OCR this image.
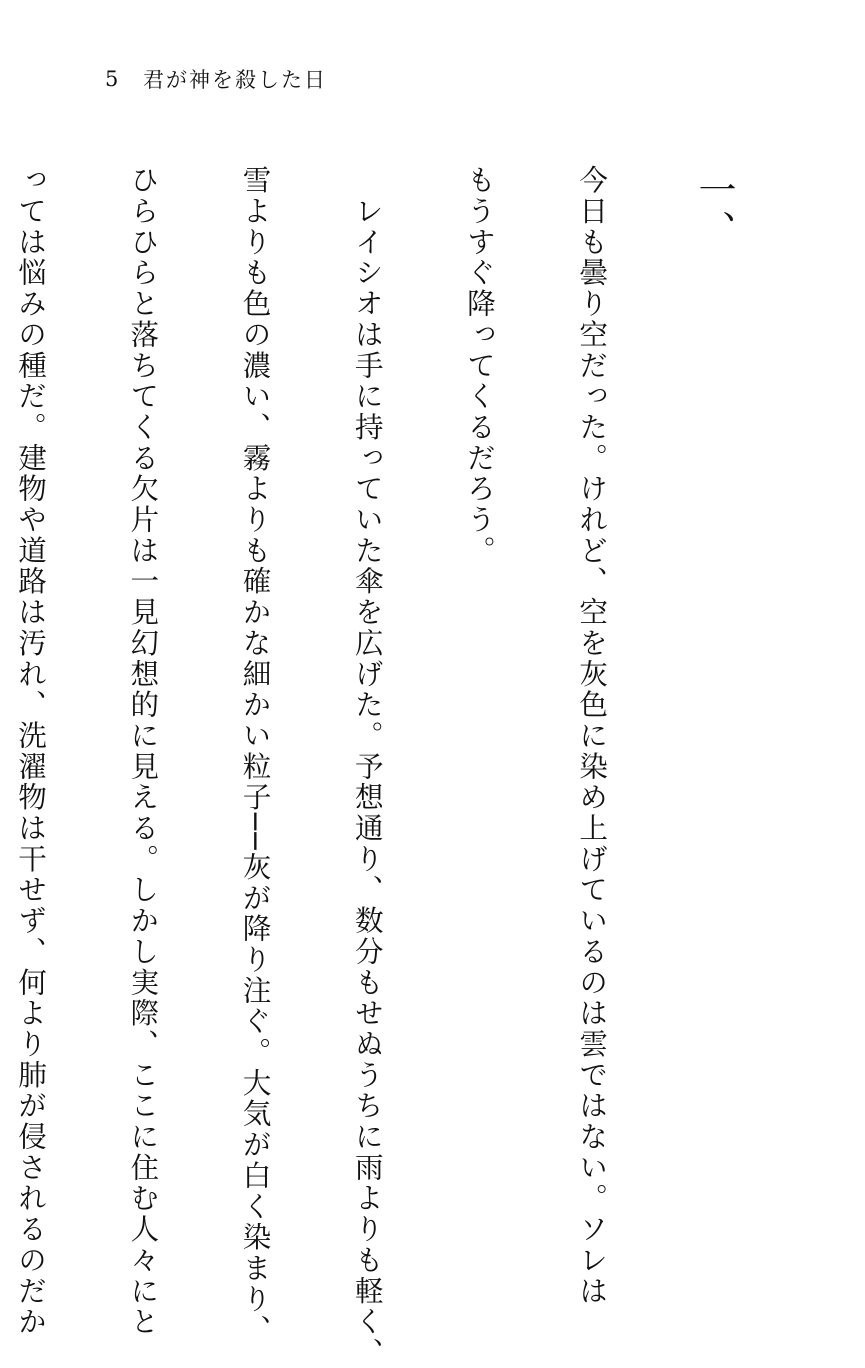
5	君が神を殺した日
一、

今日も曇り空だった。けれど、空を灰色に染め上げているのは雲ではない。ソレは

もうすぐ降ってくるだろう。

　レイシオは手に持っていた傘を広げた。予想通り、数分もせぬうちに雨よりも軽く、

雪よりも色の濃い、霧よりも確かな細かい粒子──灰が降り注ぐ。大気が白く染まり、

ひらひらと落ちてくる欠片は一見幻想的に見える。しかし実際、ここに住む人々にと

っては悩みの種だ。建物や道路は汚れ、洗濯物は干せず、何より肺が侵されるのだか
